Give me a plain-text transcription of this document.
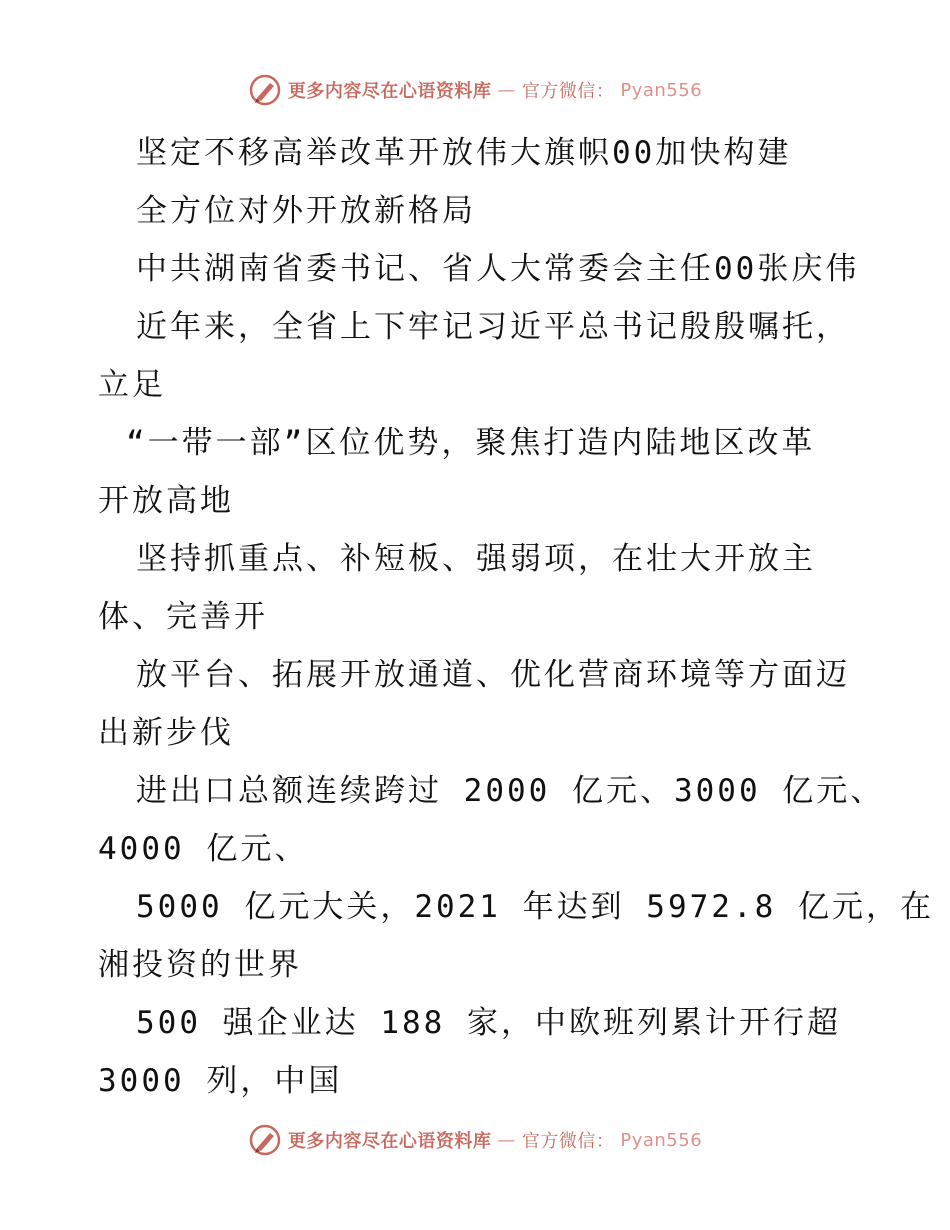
更多内容尽在心语资料库 — 官方微信： Pyan556
坚定不移高举改革开放伟大旗帜00加快构建
全方位对外开放新格局
中共湖南省委书记、省人大常委会主任00张庆伟
近年来，全省上下牢记习近平总书记殷殷嘱托，
立足
“一带一部”区位优势，聚焦打造内陆地区改革
开放高地
坚持抓重点、补短板、强弱项，在壮大开放主
体、完善开
放平台、拓展开放通道、优化营商环境等方面迈
出新步伐
进出口总额连续跨过 2000 亿元、3000 亿元、
4000 亿元、
5000 亿元大关，2021 年达到 5972.8 亿元，在
湘投资的世界
500 强企业达 188 家，中欧班列累计开行超
3000 列，中国
更多内容尽在心语资料库 — 官方微信： Pyan556
